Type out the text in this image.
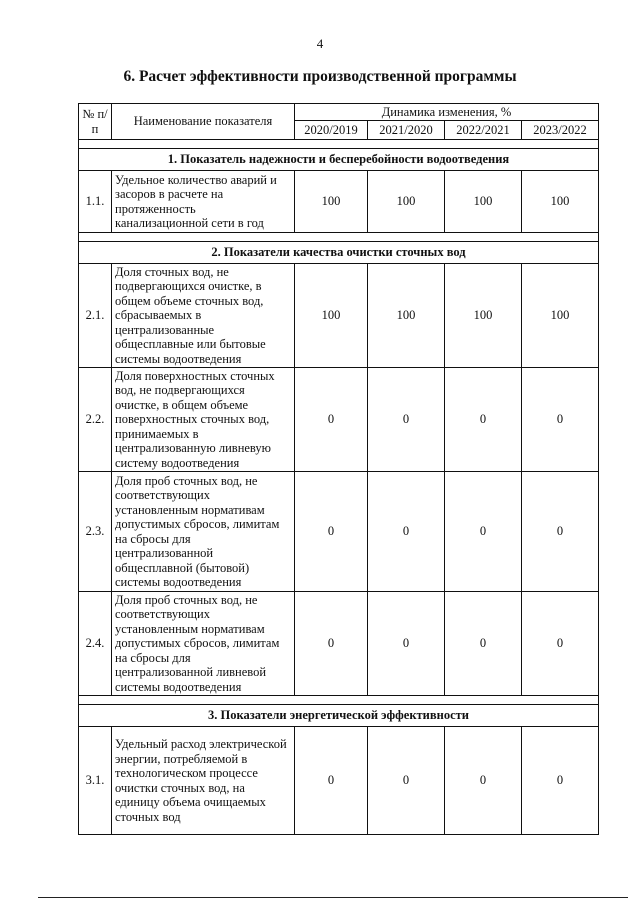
4
6. Расчет эффективности производственной программы
№ п/п	Наименование показателя	Динамика изменения, %			
		2020/2019	2021/2020	2022/2021	2023/2022

1. Показатель надежности и бесперебойности водоотведения					
1.1.	Удельное количество аварий и засоров в расчете на протяженность канализационной сети в год	100	100	100	100

2. Показатели качества очистки сточных вод					
2.1.	Доля сточных вод, не подвергающихся очистке, в общем объеме сточных вод, сбрасываемых в централизованные общесплавные или бытовые системы водоотведения	100	100	100	100
2.2.	Доля поверхностных сточных вод, не подвергающихся очистке, в общем объеме поверхностных сточных вод, принимаемых в централизованную ливневую систему водоотведения	0	0	0	0
2.3.	Доля проб сточных вод, не соответствующих установленным нормативам допустимых сбросов, лимитам на сбросы для централизованной общесплавной (бытовой) системы водоотведения	0	0	0	0
2.4.	Доля проб сточных вод, не соответствующих установленным нормативам допустимых сбросов, лимитам на сбросы для централизованной ливневой системы водоотведения	0	0	0	0

3. Показатели энергетической эффективности					
3.1.	Удельный расход электрической энергии, потребляемой в технологическом процессе очистки сточных вод, на единицу объема очищаемых сточных вод	0	0	0	0
